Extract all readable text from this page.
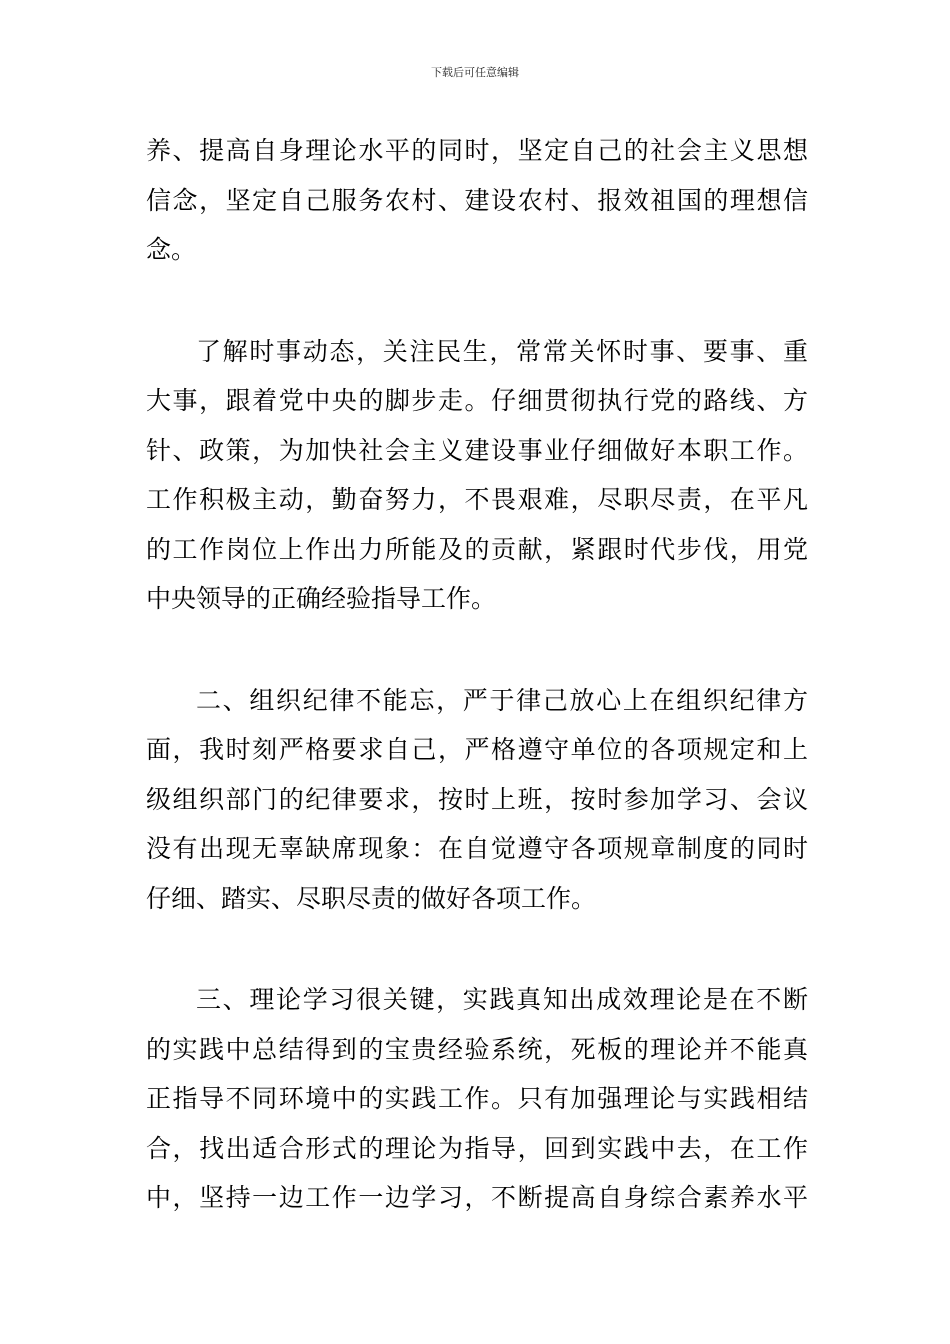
下载后可任意编辑
养、提高自身理论水平的同时，坚定自己的社会主义思想
信念，坚定自己服务农村、建设农村、报效祖国的理想信
念。
了解时事动态，关注民生，常常关怀时事、要事、重
大事，跟着党中央的脚步走。仔细贯彻执行党的路线、方
针、政策，为加快社会主义建设事业仔细做好本职工作。
工作积极主动，勤奋努力，不畏艰难，尽职尽责，在平凡
的工作岗位上作出力所能及的贡献，紧跟时代步伐，用党
中央领导的正确经验指导工作。
二、组织纪律不能忘，严于律己放心上在组织纪律方
面，我时刻严格要求自己，严格遵守单位的各项规定和上
级组织部门的纪律要求，按时上班，按时参加学习、会议
没有出现无辜缺席现象：在自觉遵守各项规章制度的同时
仔细、踏实、尽职尽责的做好各项工作。
三、理论学习很关键，实践真知出成效理论是在不断
的实践中总结得到的宝贵经验系统，死板的理论并不能真
正指导不同环境中的实践工作。只有加强理论与实践相结
合，找出适合形式的理论为指导，回到实践中去，在工作
中，坚持一边工作一边学习，不断提高自身综合素养水平
